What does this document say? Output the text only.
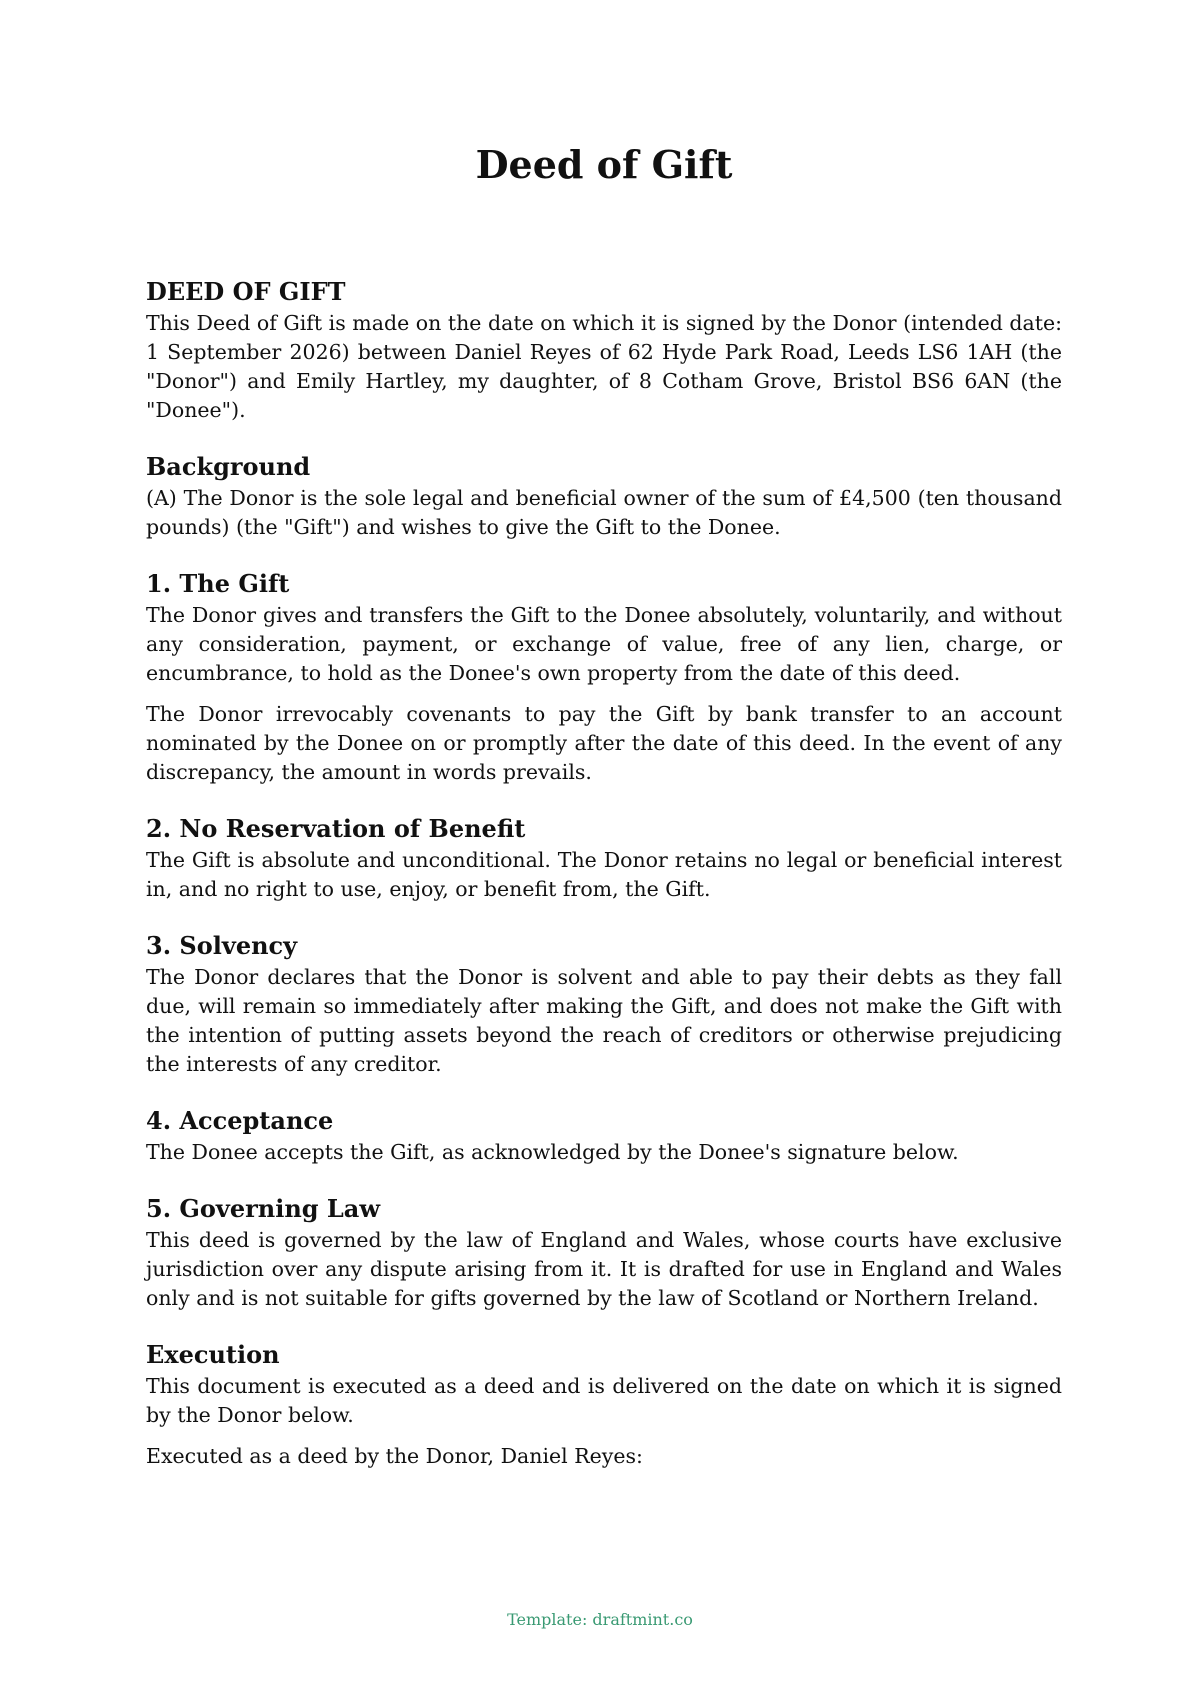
Deed of Gift
DEED OF GIFT

This Deed of Gift is made on the date on which it is signed by the Donor (intended date: 1 September 2026) between Daniel Reyes of 62 Hyde Park Road, Leeds LS6 1AH (the "Donor") and Emily Hartley, my daughter, of 8 Cotham Grove, Bristol BS6 6AN (the "Donee").

Background

(A) The Donor is the sole legal and beneficial owner of the sum of £4,500 (ten thousand pounds) (the "Gift") and wishes to give the Gift to the Donee.

1. The Gift

The Donor gives and transfers the Gift to the Donee absolutely, voluntarily, and without any consideration, payment, or exchange of value, free of any lien, charge, or encumbrance, to hold as the Donee's own property from the date of this deed.

The Donor irrevocably covenants to pay the Gift by bank transfer to an account nominated by the Donee on or promptly after the date of this deed. In the event of any discrepancy, the amount in words prevails.

2. No Reservation of Benefit

The Gift is absolute and unconditional. The Donor retains no legal or beneficial interest in, and no right to use, enjoy, or benefit from, the Gift.

3. Solvency

The Donor declares that the Donor is solvent and able to pay their debts as they fall due, will remain so immediately after making the Gift, and does not make the Gift with the intention of putting assets beyond the reach of creditors or otherwise prejudicing the interests of any creditor.

4. Acceptance

The Donee accepts the Gift, as acknowledged by the Donee's signature below.

5. Governing Law

This deed is governed by the law of England and Wales, whose courts have exclusive jurisdiction over any dispute arising from it. It is drafted for use in England and Wales only and is not suitable for gifts governed by the law of Scotland or Northern Ireland.

Execution

This document is executed as a deed and is delivered on the date on which it is signed by the Donor below.

Executed as a deed by the Donor, Daniel Reyes:

Template: draftmint.co
